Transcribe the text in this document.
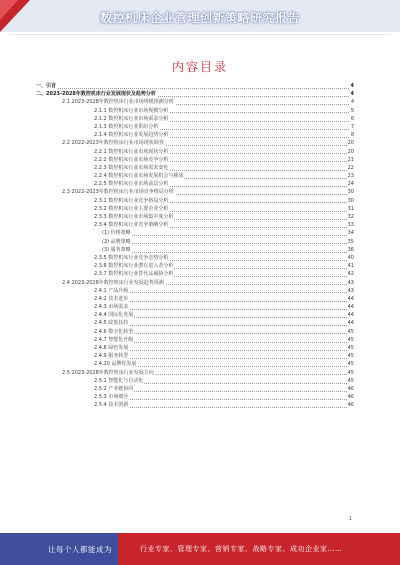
数控机床企业管理创新策略研究报告
内容目录
一、引言	4
二、2023-2028年数控机床行业发展现状及趋势分析	4
2.1 2023-2028年数控机床行业市场规模预测分析	4
2.1.1 数控机床行业市场规模分析	5
2.1.2 数控机床行业市场需求分析	6
2.1.3 数控机床行业供给分析	7
2.1.4 数控机床行业发展趋势分析	8
2.2 2022-2023年数控机床行业市场现状调查	20
2.2.1 数控机床行业市场现状分析	20
2.2.2 数控机床行业市场竞争分析	21
2.2.3 数控机床行业市场需求变化	22
2.2.4 数控机床行业市场发展机会与挑战	23
2.2.5 数控机床行业市场前景分析	24
2.3 2022-2023年数控机床行业市场竞争格局分析	30
2.3.1 数控机床行业竞争格局分析	30
2.3.2 数控机床行业主要企业分析	31
2.3.3 数控机床行业市场集中度分析	32
2.3.4 数控机床行业竞争策略分析	33
(1) 价格策略	34
(2) 品牌策略	35
(3) 服务策略	36
2.3.5 数控机床行业竞争态势分析	40
2.3.6 数控机床行业潜在进入者分析	41
2.3.7 数控机床行业替代品威胁分析	42
2.4 2023-2028年数控机床行业发展趋势预测	43
2.4.1 产品升级	43
2.4.2 技术进步	44
2.4.3 市场需求	44
2.4.4 国际化发展	44
2.4.5 政策扶持	44
2.4.6 数字化转型	45
2.4.7 智能化升级	45
2.4.8 绿色发展	45
2.4.9 服务转型	45
2.4.10 品牌化发展	45
2.5 2023-2028年数控机床行业发展方向	45
2.5.1 智能化与自动化	45
2.5.2 产业链协同	46
2.5.3 市场细分	46
2.5.4 技术创新	46
1
让每个人都能成为	行业专家、管理专家、营销专家、战略专家、成功企业家……
